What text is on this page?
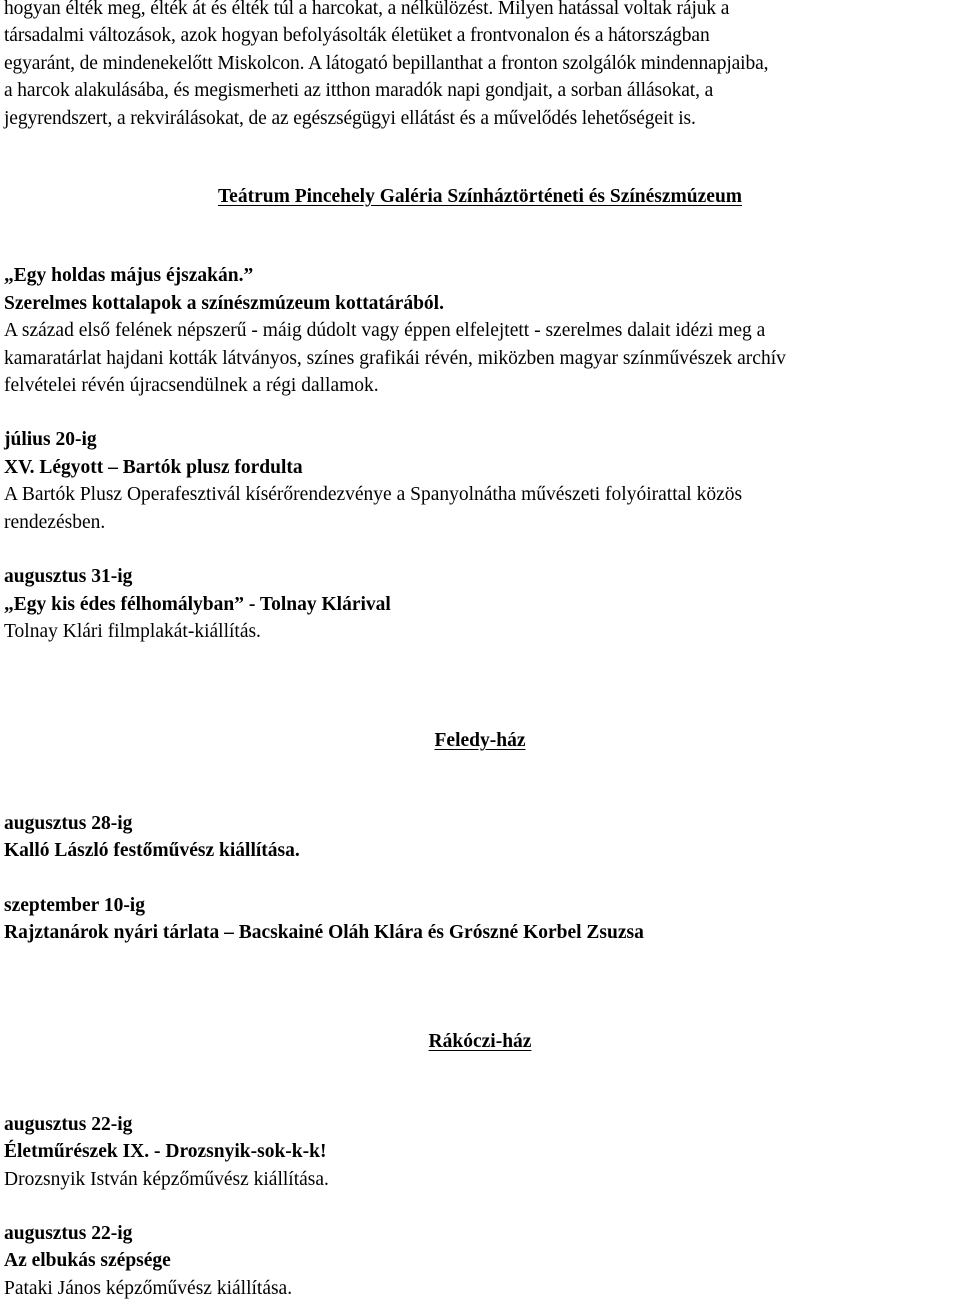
hogyan élték meg, élték át és élték túl a harcokat, a nélkülözést. Milyen hatással voltak rájuk a

társadalmi változások, azok hogyan befolyásolták életüket a frontvonalon és a hátországban

egyaránt, de mindenekelőtt Miskolcon. A látogató bepillanthat a fronton szolgálók mindennapjaiba,

a harcok alakulásába, és megismerheti az itthon maradók napi gondjait, a sorban állásokat, a

jegyrendszert, a rekvirálásokat, de az egészségügyi ellátást és a művelődés lehetőségeit is.

Teátrum Pincehely Galéria Színháztörténeti és Színészmúzeum

„Egy holdas május éjszakán.”

Szerelmes kottalapok a színészmúzeum kottatárából.

A század első felének népszerű - máig dúdolt vagy éppen elfelejtett - szerelmes dalait idézi meg a

kamaratárlat hajdani kották látványos, színes grafikái révén, miközben magyar színművészek archív

felvételei révén újracsendülnek a régi dallamok.

július 20-ig

XV. Légyott – Bartók plusz fordulta

A Bartók Plusz Operafesztivál kísérőrendezvénye a Spanyolnátha művészeti folyóirattal közös

rendezésben.

augusztus 31-ig

„Egy kis édes félhomályban” - Tolnay Klárival

Tolnay Klári filmplakát-kiállítás.

Feledy-ház

augusztus 28-ig

Kalló László festőművész kiállítása.

szeptember 10-ig

Rajztanárok nyári tárlata – Bacskainé Oláh Klára és Grószné Korbel Zsuzsa

Rákóczi-ház

augusztus 22-ig

Életműrészek IX. - Drozsnyik-sok-k-k!

Drozsnyik István képzőművész kiállítása.

augusztus 22-ig

Az elbukás szépsége

Pataki János képzőművész kiállítása.
